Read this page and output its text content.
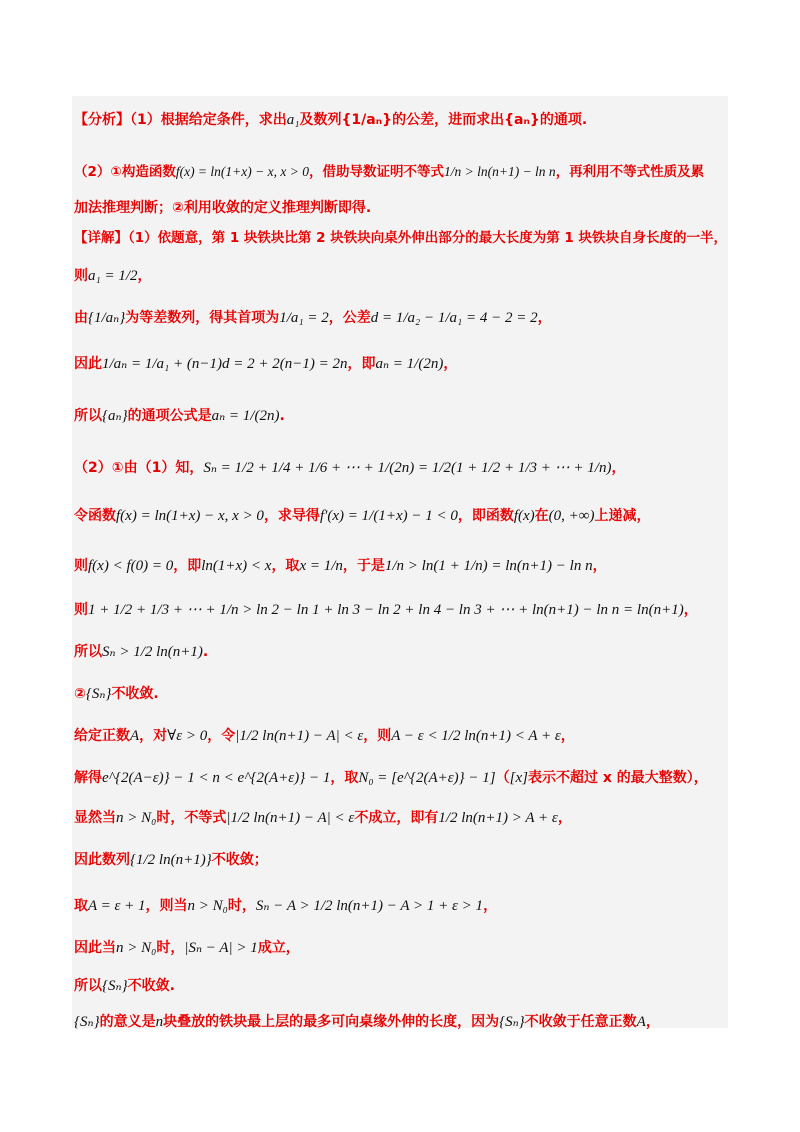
【分析】（1）根据给定条件，求出a₁及数列{1/aₙ}的公差，进而求出{aₙ}的通项.
（2）①构造函数f(x) = ln(1+x) − x, x > 0，借助导数证明不等式1/n > ln(n+1) − ln n，再利用不等式性质及累
加法推理判断；②利用收敛的定义推理判断即得.
【详解】（1）依题意，第 1 块铁块比第 2 块铁块向桌外伸出部分的最大长度为第 1 块铁块自身长度的一半，
则a₁ = 1/2，
由{1/aₙ}为等差数列，得其首项为1/a₁ = 2，公差d = 1/a₂ − 1/a₁ = 4 − 2 = 2，
因此1/aₙ = 1/a₁ + (n−1)d = 2 + 2(n−1) = 2n，即aₙ = 1/(2n)，
所以{aₙ}的通项公式是aₙ = 1/(2n).
（2）①由（1）知，Sₙ = 1/2 + 1/4 + 1/6 + ⋯ + 1/(2n) = 1/2(1 + 1/2 + 1/3 + ⋯ + 1/n)，
令函数f(x) = ln(1+x) − x, x > 0，求导得f′(x) = 1/(1+x) − 1 < 0，即函数f(x)在(0, +∞)上递减，
则f(x) < f(0) = 0，即ln(1+x) < x，取x = 1/n，于是1/n > ln(1 + 1/n) = ln(n+1) − ln n，
则1 + 1/2 + 1/3 + ⋯ + 1/n > ln 2 − ln 1 + ln 3 − ln 2 + ln 4 − ln 3 + ⋯ + ln(n+1) − ln n = ln(n+1)，
所以Sₙ > 1/2 ln(n+1).
②{Sₙ}不收敛.
给定正数A，对∀ε > 0，令|1/2 ln(n+1) − A| < ε，则A − ε < 1/2 ln(n+1) < A + ε，
解得e^{2(A−ε)} − 1 < n < e^{2(A+ε)} − 1，取N₀ = [e^{2(A+ε)} − 1]（[x]表示不超过 x 的最大整数），
显然当n > N₀时，不等式|1/2 ln(n+1) − A| < ε不成立，即有1/2 ln(n+1) > A + ε，
因此数列{1/2 ln(n+1)}不收敛；
取A = ε + 1，则当n > N₀时，Sₙ − A > 1/2 ln(n+1) − A > 1 + ε > 1，
因此当n > N₀时，|Sₙ − A| > 1成立，
所以{Sₙ}不收敛.
{Sₙ}的意义是n块叠放的铁块最上层的最多可向桌缘外伸的长度，因为{Sₙ}不收敛于任意正数A，
